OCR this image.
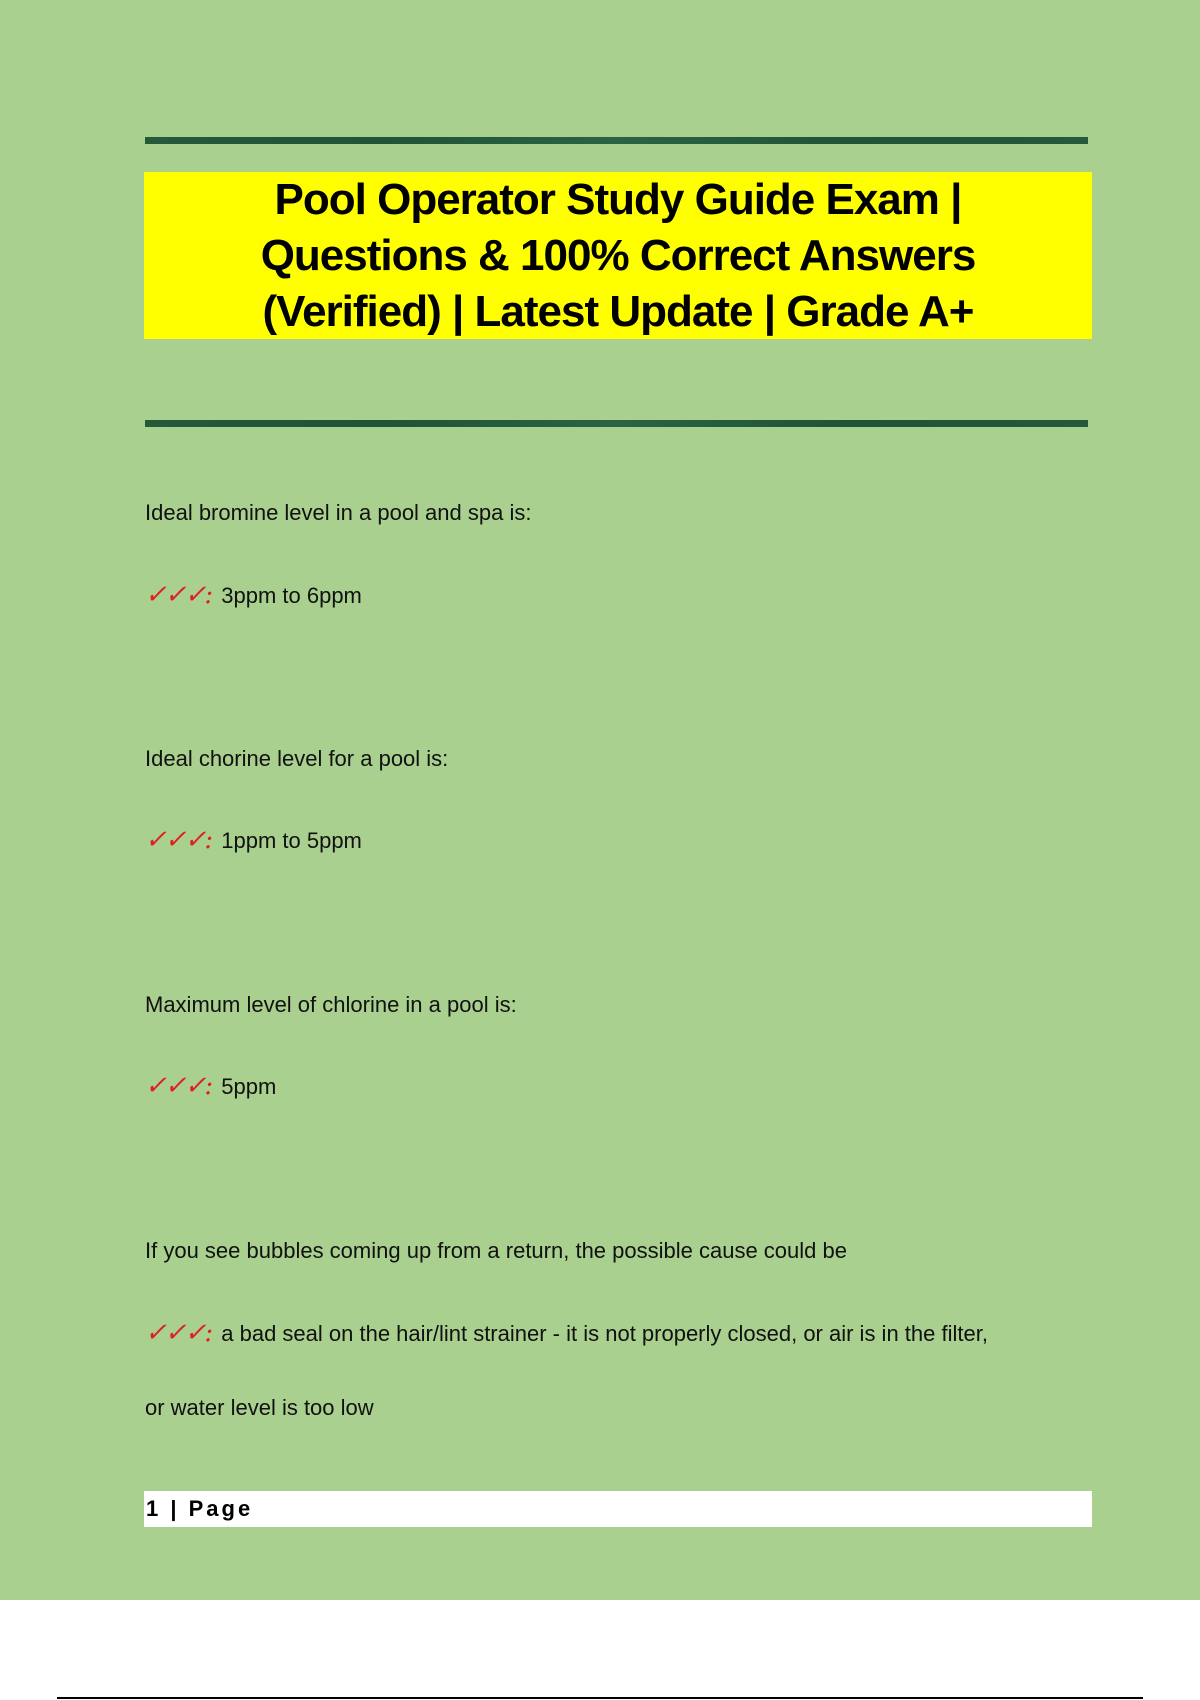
Pool Operator Study Guide Exam | Questions & 100% Correct Answers (Verified) | Latest Update | Grade A+

Ideal bromine level in a pool and spa is:

✓✓✓: 3ppm to 6ppm

Ideal chorine level for a pool is:

✓✓✓: 1ppm to 5ppm

Maximum level of chlorine in a pool is:

✓✓✓: 5ppm

If you see bubbles coming up from a return, the possible cause could be

✓✓✓: a bad seal on the hair/lint strainer - it is not properly closed, or air is in the filter,

or water level is too low

1 | Page
